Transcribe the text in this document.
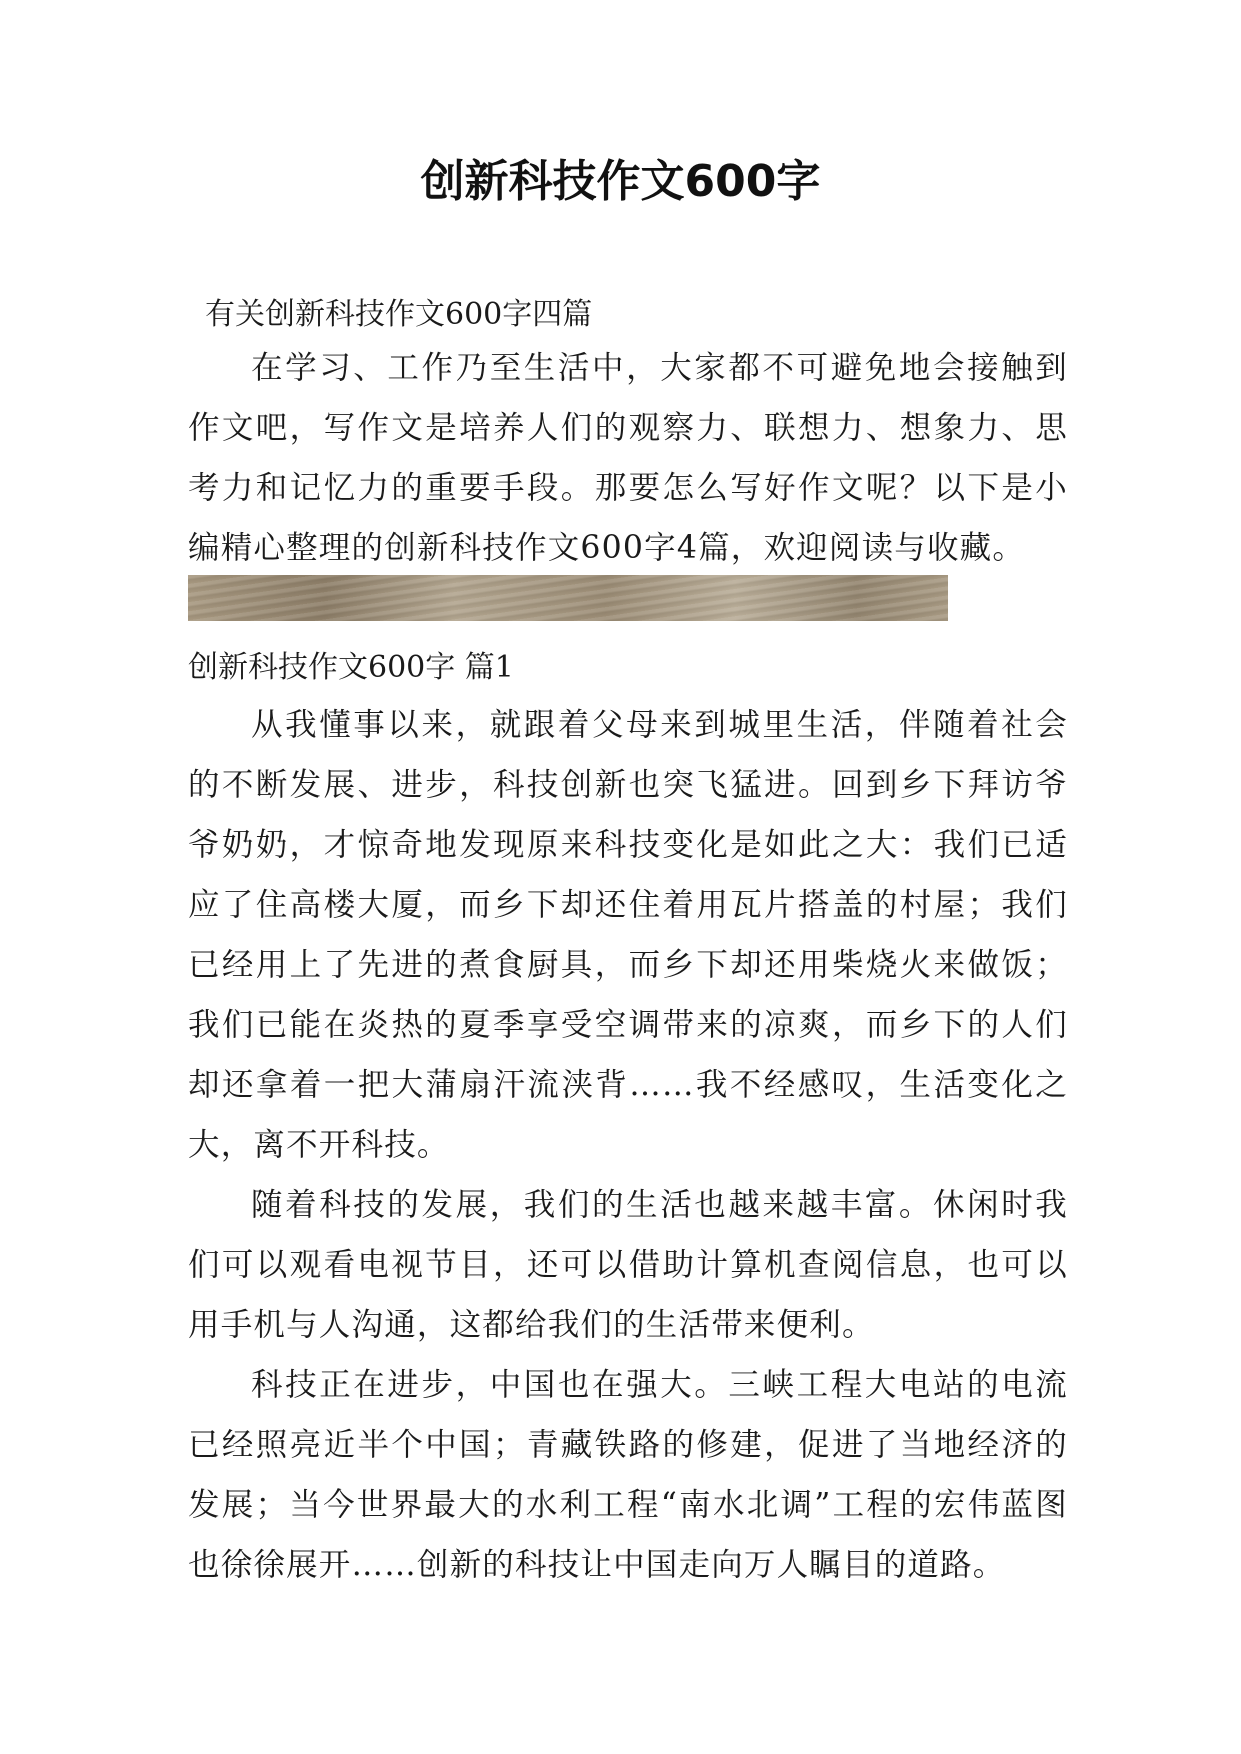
创新科技作文600字

有关创新科技作文600字四篇

在学习、工作乃至生活中，大家都不可避免地会接触到作文吧，写作文是培养人们的观察力、联想力、想象力、思考力和记忆力的重要手段。那要怎么写好作文呢？以下是小编精心整理的创新科技作文600字4篇，欢迎阅读与收藏。

创新科技作文600字 篇1

从我懂事以来，就跟着父母来到城里生活，伴随着社会的不断发展、进步，科技创新也突飞猛进。回到乡下拜访爷爷奶奶，才惊奇地发现原来科技变化是如此之大：我们已适应了住高楼大厦，而乡下却还住着用瓦片搭盖的村屋；我们已经用上了先进的煮食厨具，而乡下却还用柴烧火来做饭；我们已能在炎热的夏季享受空调带来的凉爽，而乡下的人们却还拿着一把大蒲扇汗流浃背……我不经感叹，生活变化之大，离不开科技。

随着科技的发展，我们的生活也越来越丰富。休闲时我们可以观看电视节目，还可以借助计算机查阅信息，也可以用手机与人沟通，这都给我们的生活带来便利。

科技正在进步，中国也在强大。三峡工程大电站的电流已经照亮近半个中国；青藏铁路的修建，促进了当地经济的发展；当今世界最大的水利工程“南水北调”工程的宏伟蓝图也徐徐展开……创新的科技让中国走向万人瞩目的道路。
